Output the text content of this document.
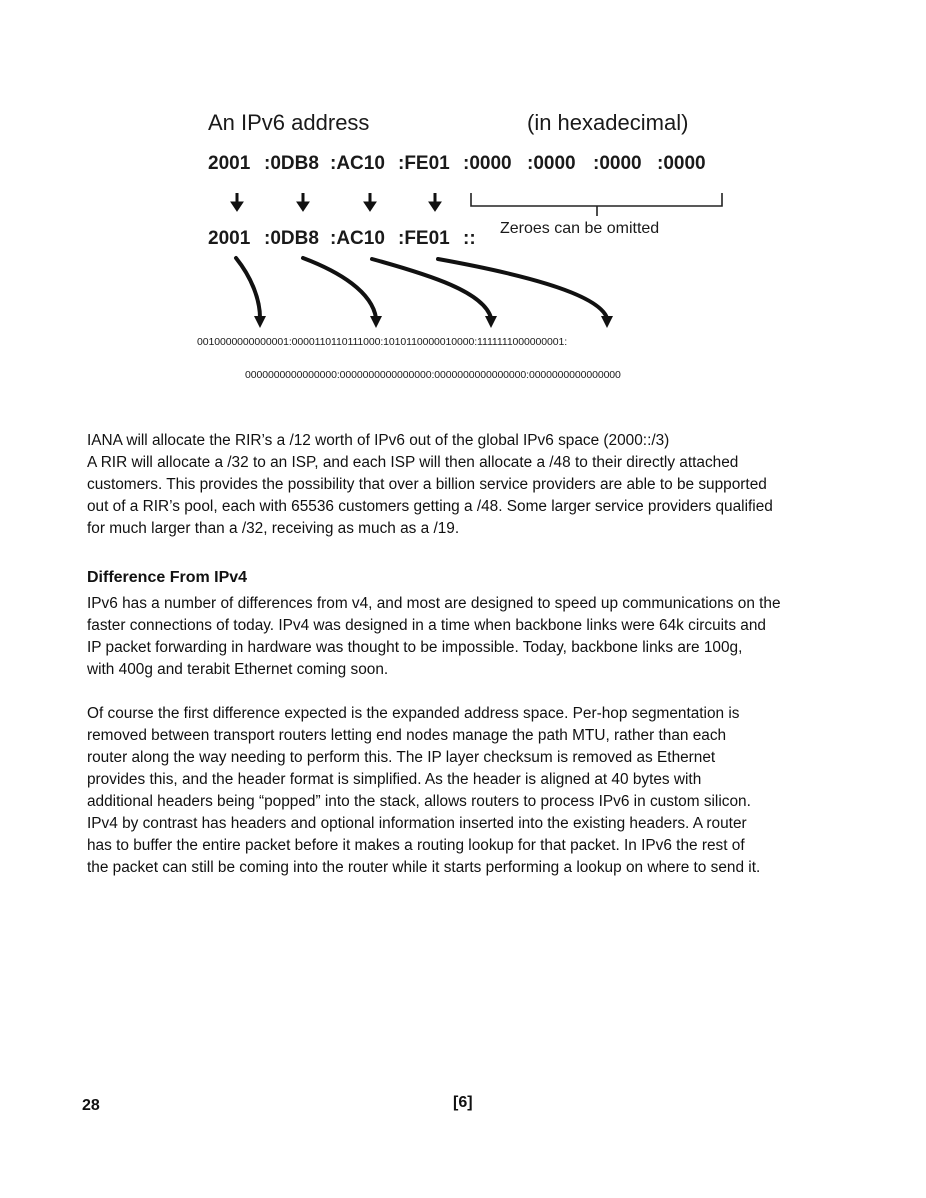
An IPv6 address	(in hexadecimal)
2001 :0DB8 :AC10 :FE01 :0000 :0000 :0000 :0000
2001 :0DB8 :AC10 :FE01 :: Zeroes can be omitted
0010000000000001:0000110110111000:1010110000010000:1111111000000001:
0000000000000000:0000000000000000:0000000000000000:0000000000000000

IANA will allocate the RIR’s a /12 worth of IPv6 out of the global IPv6 space (2000::/3)

A RIR will allocate a /32 to an ISP, and each ISP will then allocate a /48 to their directly attached

customers. This provides the possibility that over a billion service providers are able to be supported

out of a RIR’s pool, each with 65536 customers getting a /48. Some larger service providers qualified

for much larger than a /32, receiving as much as a /19.

Difference From IPv4

IPv6 has a number of differences from v4, and most are designed to speed up communications on the

faster connections of today. IPv4 was designed in a time when backbone links were 64k circuits and

IP packet forwarding in hardware was thought to be impossible. Today, backbone links are 100g,

with 400g and terabit Ethernet coming soon.

Of course the first difference expected is the expanded address space. Per-hop segmentation is

removed between transport routers letting end nodes manage the path MTU, rather than each

router along the way needing to perform this. The IP layer checksum is removed as Ethernet

provides this, and the header format is simplified. As the header is aligned at 40 bytes with

additional headers being “popped” into the stack, allows routers to process IPv6 in custom silicon.

IPv4 by contrast has headers and optional information inserted into the existing headers. A router

has to buffer the entire packet before it makes a routing lookup for that packet. In IPv6 the rest of

the packet can still be coming into the router while it starts performing a lookup on where to send it.

28	[6]
